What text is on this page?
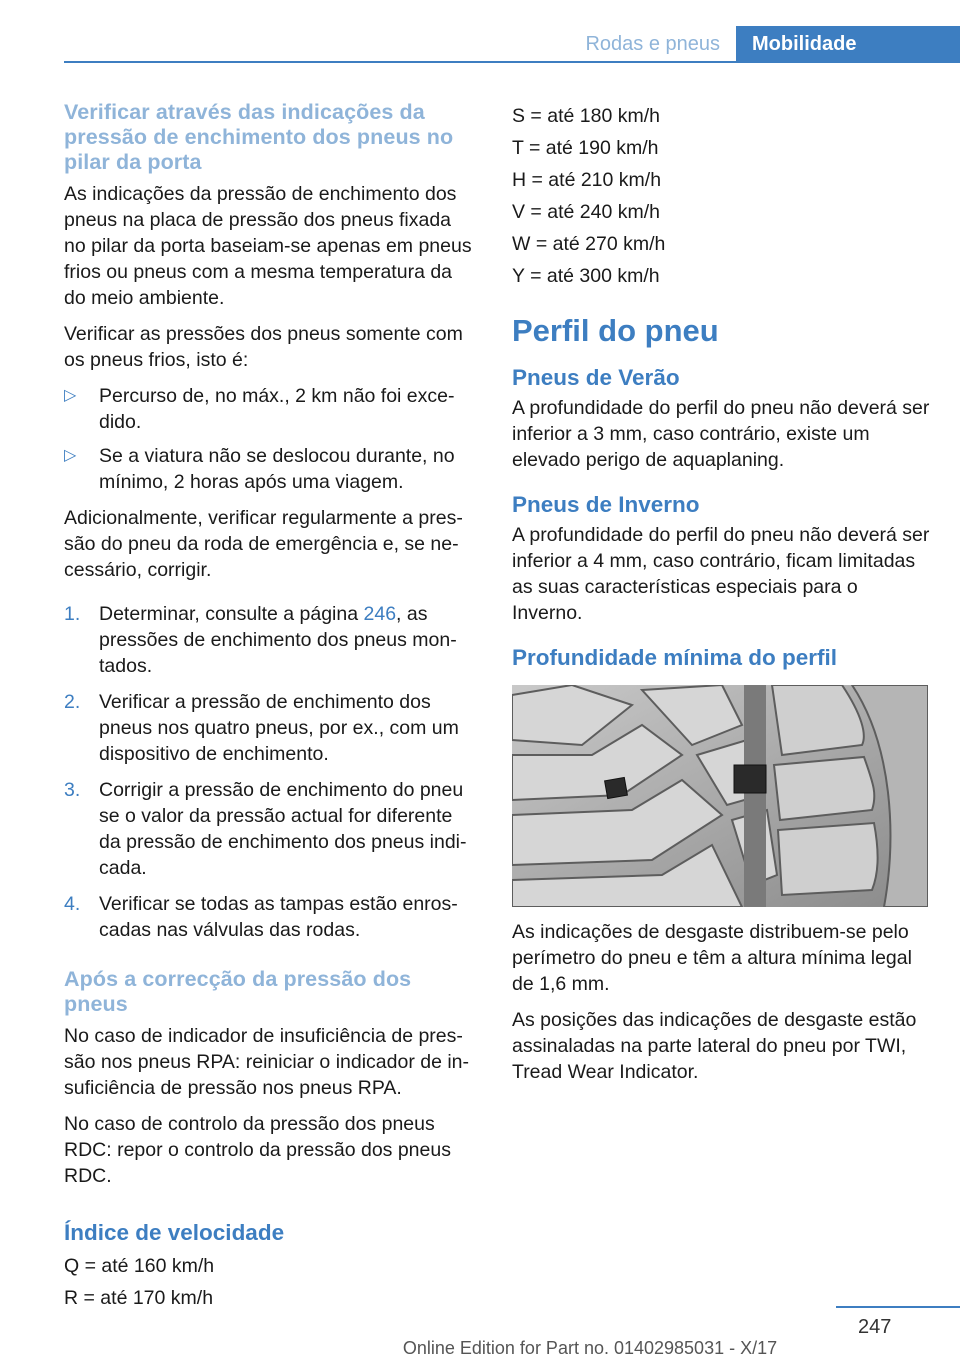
Rodas e pneus	Mobilidade
Verificar através das indicações da pressão de enchimento dos pneus no pilar da porta

As indicações da pressão de enchimento dos pneus na placa de pressão dos pneus fixada no pilar da porta baseiam-se apenas em pneus frios ou pneus com a mesma temperatura da do meio ambiente.

Verificar as pressões dos pneus somente com os pneus frios, isto é:

▷ Percurso de, no máx., 2 km não foi excedido.
▷ Se a viatura não se deslocou durante, no mínimo, 2 horas após uma viagem.

Adicionalmente, verificar regularmente a pressão do pneu da roda de emergência e, se necessário, corrigir.

1. Determinar, consulte a página 246, as pressões de enchimento dos pneus montados.
2. Verificar a pressão de enchimento dos pneus nos quatro pneus, por ex., com um dispositivo de enchimento.
3. Corrigir a pressão de enchimento do pneu se o valor da pressão actual for diferente da pressão de enchimento dos pneus indicada.
4. Verificar se todas as tampas estão enroscadas nas válvulas das rodas.
Após a correcção da pressão dos pneus

No caso de indicador de insuficiência de pressão nos pneus RPA: reiniciar o indicador de insuficiência de pressão nos pneus RPA.

No caso de controlo da pressão dos pneus RDC: repor o controlo da pressão dos pneus RDC.

Índice de velocidade

Q = até 160 km/h

R = até 170 km/h

S = até 180 km/h

T = até 190 km/h

H = até 210 km/h

V = até 240 km/h

W = até 270 km/h

Y = até 300 km/h

Perfil do pneu
Pneus de Verão

A profundidade do perfil do pneu não deverá ser inferior a 3 mm, caso contrário, existe um elevado perigo de aquaplaning.

Pneus de Inverno

A profundidade do perfil do pneu não deverá ser inferior a 4 mm, caso contrário, ficam limitadas as suas características especiais para o Inverno.

Profundidade mínima do perfil

As indicações de desgaste distribuem-se pelo perímetro do pneu e têm a altura mínima legal de 1,6 mm.

As posições das indicações de desgaste estão assinaladas na parte lateral do pneu por TWI, Tread Wear Indicator.

247
Online Edition for Part no. 01402985031 - X/17
